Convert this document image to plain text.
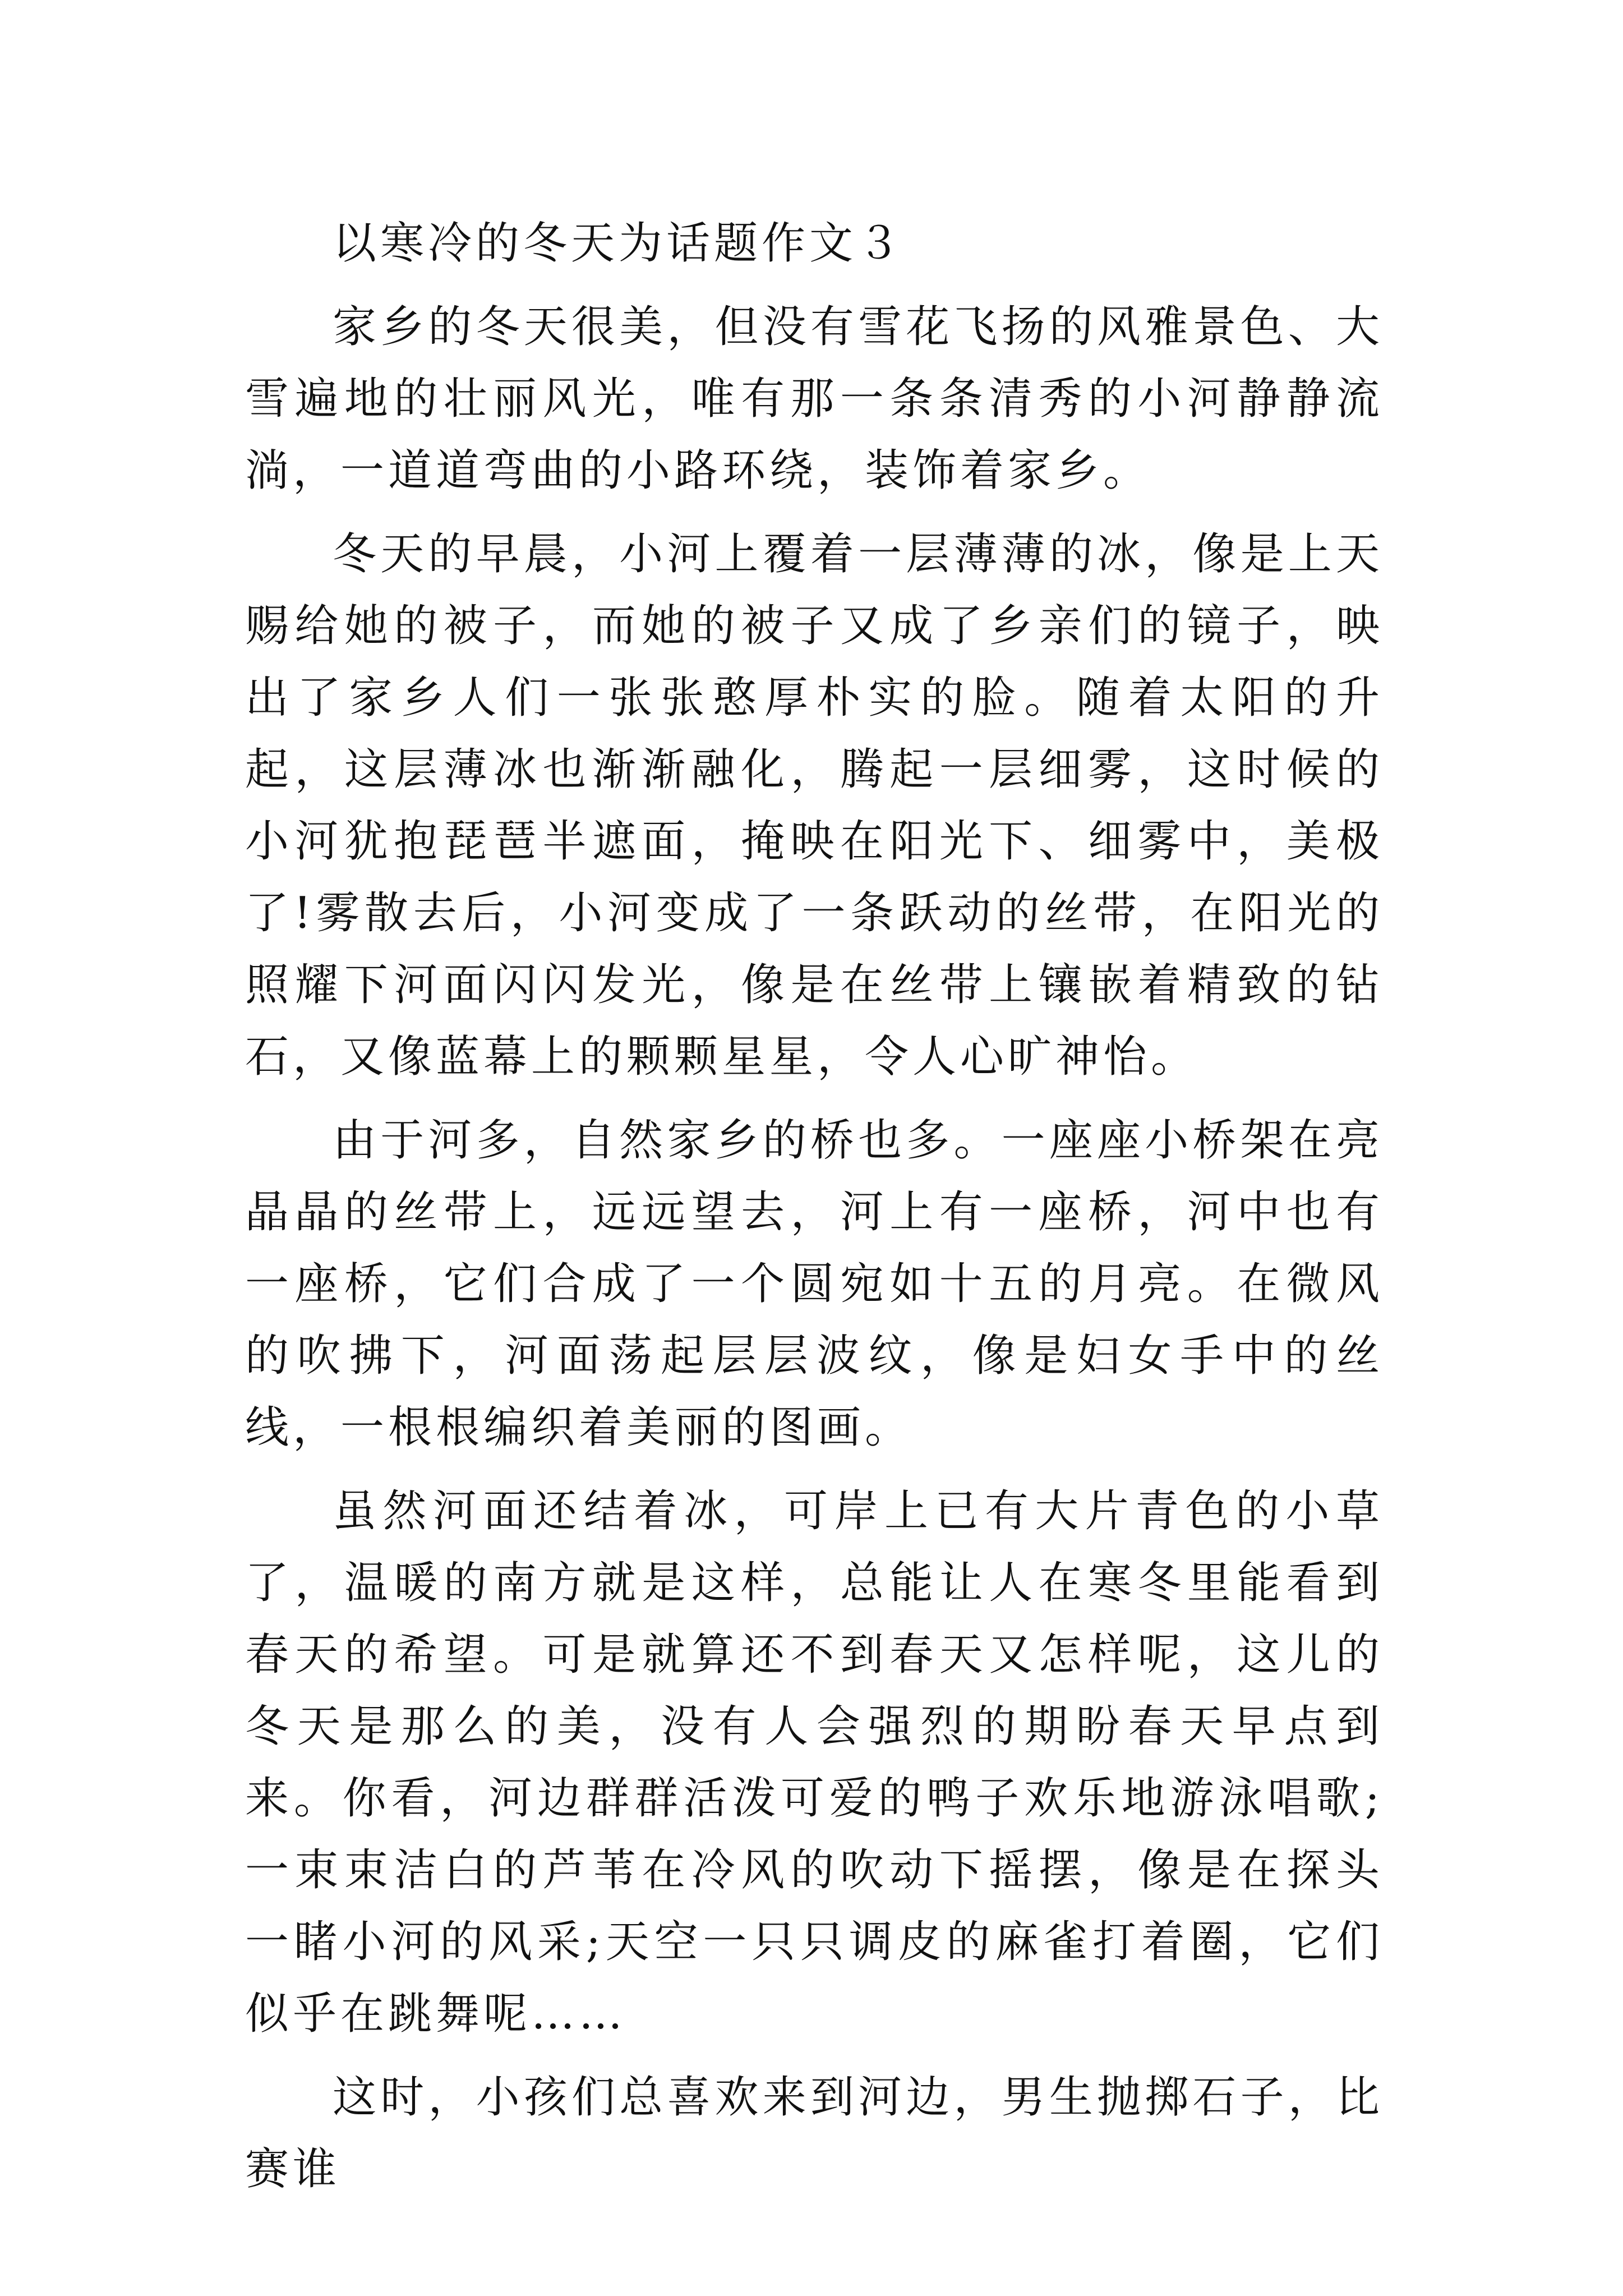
以寒冷的冬天为话题作文３

家乡的冬天很美，但没有雪花飞扬的风雅景色、大雪遍地的壮丽风光，唯有那一条条清秀的小河静静流淌，一道道弯曲的小路环绕，装饰着家乡。

冬天的早晨，小河上覆着一层薄薄的冰，像是上天赐给她的被子，而她的被子又成了乡亲们的镜子，映出了家乡人们一张张憨厚朴实的脸。随着太阳的升起，这层薄冰也渐渐融化，腾起一层细雾，这时候的小河犹抱琵琶半遮面，掩映在阳光下、细雾中，美极了!雾散去后，小河变成了一条跃动的丝带，在阳光的照耀下河面闪闪发光，像是在丝带上镶嵌着精致的钻石，又像蓝幕上的颗颗星星，令人心旷神怡。

由于河多，自然家乡的桥也多。一座座小桥架在亮晶晶的丝带上，远远望去，河上有一座桥，河中也有一座桥，它们合成了一个圆宛如十五的月亮。在微风的吹拂下，河面荡起层层波纹，像是妇女手中的丝线，一根根编织着美丽的图画。

虽然河面还结着冰，可岸上已有大片青色的小草了，温暖的南方就是这样，总能让人在寒冬里能看到春天的希望。可是就算还不到春天又怎样呢，这儿的冬天是那么的美，没有人会强烈的期盼春天早点到来。你看，河边群群活泼可爱的鸭子欢乐地游泳唱歌;一束束洁白的芦苇在冷风的吹动下摇摆，像是在探头一睹小河的风采;天空一只只调皮的麻雀打着圈，它们似乎在跳舞呢……

这时，小孩们总喜欢来到河边，男生抛掷石子，比赛谁
